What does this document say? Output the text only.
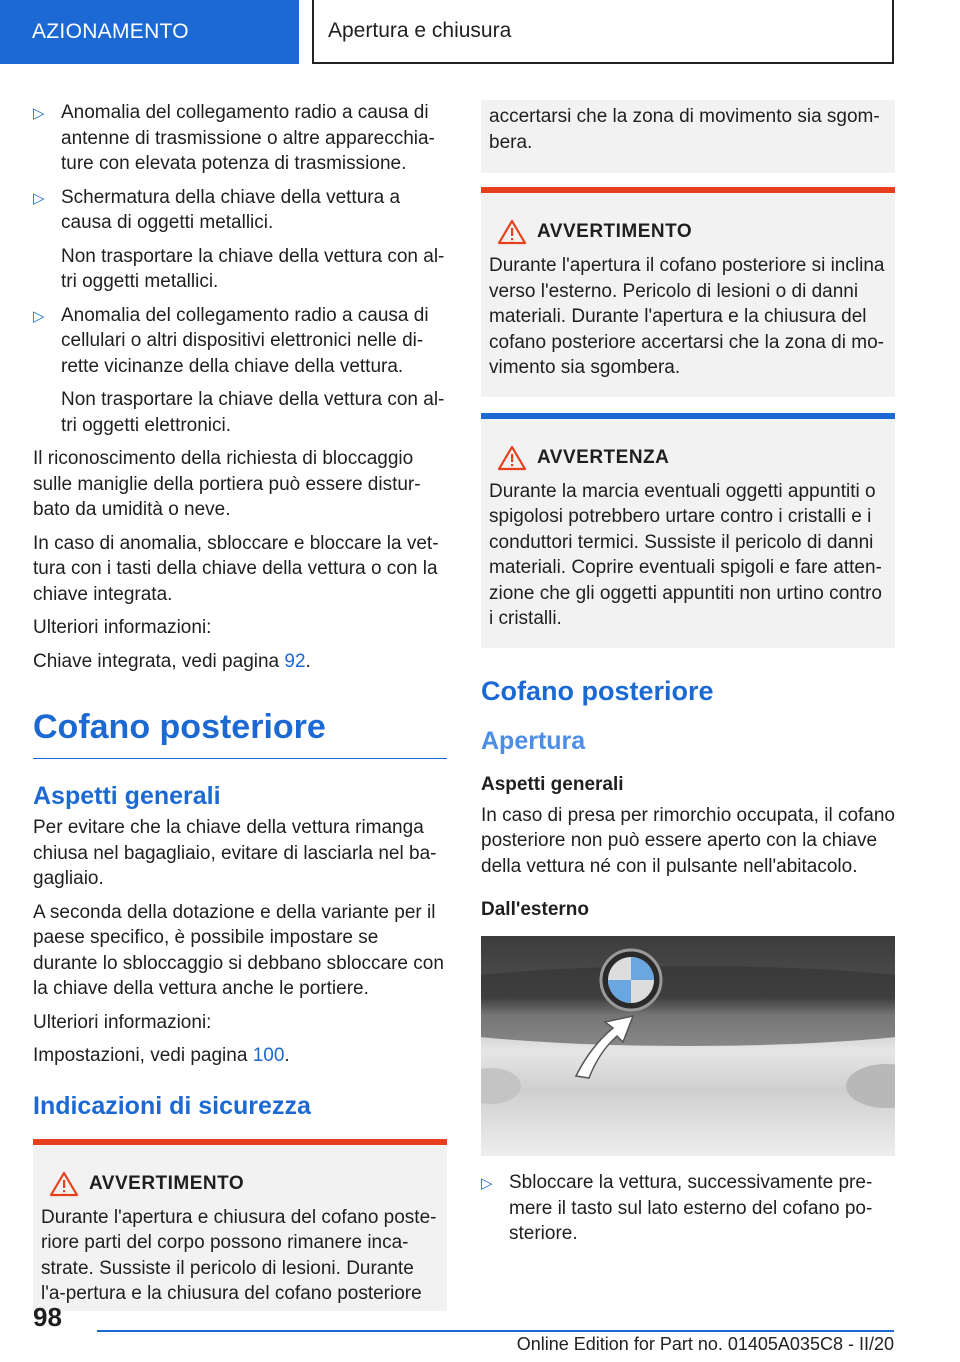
AZIONAMENTO	Apertura e chiusura
▷ Anomalia del collegamento radio a causa di antenne di trasmissione o altre apparecchia-ture con elevata potenza di trasmissione.
▷ Schermatura della chiave della vettura a causa di oggetti metallici.

Non trasportare la chiave della vettura con al-tri oggetti metallici.

▷ Anomalia del collegamento radio a causa di cellulari o altri dispositivi elettronici nelle di-rette vicinanze della chiave della vettura.

Non trasportare la chiave della vettura con al-tri oggetti elettronici.

Il riconoscimento della richiesta di bloccaggio sulle maniglie della portiera può essere distur-bato da umidità o neve.

In caso di anomalia, sbloccare e bloccare la vet-tura con i tasti della chiave della vettura o con la chiave integrata.

Ulteriori informazioni:

Chiave integrata, vedi pagina 92.

Cofano posteriore
Aspetti generali

Per evitare che la chiave della vettura rimanga chiusa nel bagagliaio, evitare di lasciarla nel ba-gagliaio.

A seconda della dotazione e della variante per il paese specifico, è possibile impostare se durante lo sbloccaggio si debbano sbloccare con la chiave della vettura anche le portiere.

Ulteriori informazioni:

Impostazioni, vedi pagina 100.

Indicazioni di sicurezza
AVVERTIMENTO

Durante l'apertura e chiusura del cofano poste-riore parti del corpo possono rimanere inca-strate. Sussiste il pericolo di lesioni. Durante l'a-pertura e la chiusura del cofano posteriore

accertarsi che la zona di movimento sia sgom-bera.

AVVERTIMENTO

Durante l'apertura il cofano posteriore si inclina verso l'esterno. Pericolo di lesioni o di danni materiali. Durante l'apertura e la chiusura del cofano posteriore accertarsi che la zona di mo-vimento sia sgombera.

AVVERTENZA

Durante la marcia eventuali oggetti appuntiti o spigolosi potrebbero urtare contro i cristalli e i conduttori termici. Sussiste il pericolo di danni materiali. Coprire eventuali spigoli e fare atten-zione che gli oggetti appuntiti non urtino contro i cristalli.

Cofano posteriore
Apertura
Aspetti generali

In caso di presa per rimorchio occupata, il cofano posteriore non può essere aperto con la chiave della vettura né con il pulsante nell'abitacolo.

Dall'esterno
▷ Sbloccare la vettura, successivamente pre-mere il tasto sul lato esterno del cofano po-steriore.
98
Online Edition for Part no. 01405A035C8 - II/20
